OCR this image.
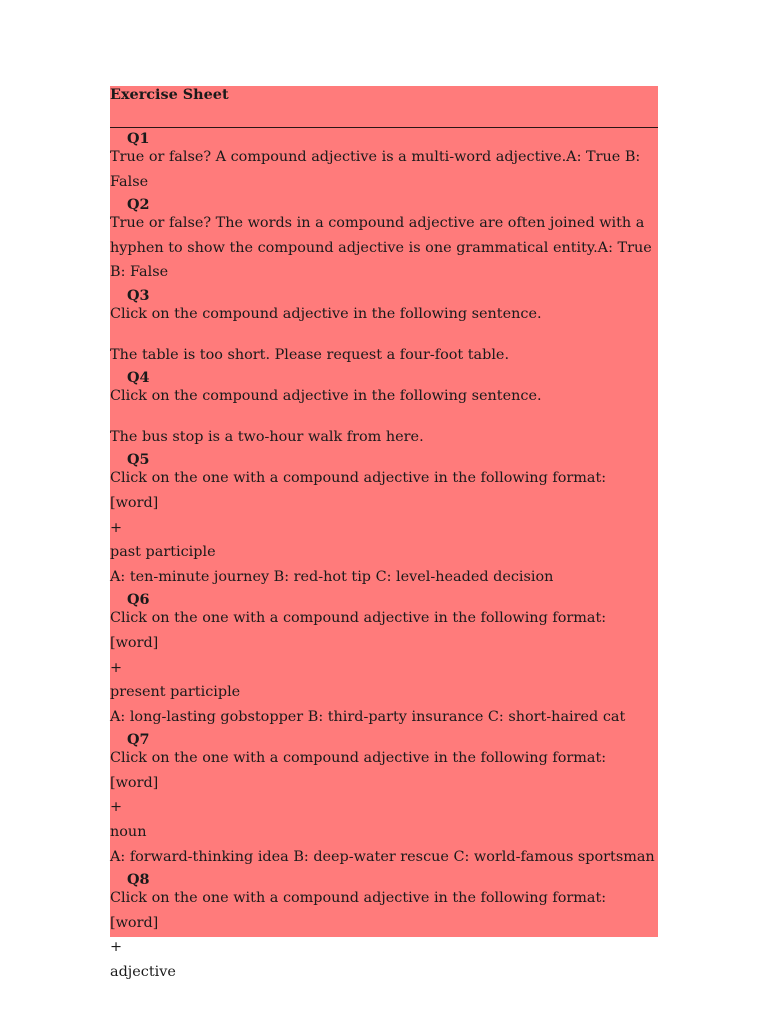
Exercise Sheet
Q1
True or false? A compound adjective is a multi-word adjective.A: True B: False
Q2
True or false? The words in a compound adjective are often joined with a hyphen to show the compound adjective is one grammatical entity.A: True B: False
Q3
Click on the compound adjective in the following sentence.
The table is too short. Please request a four-foot table.
Q4
Click on the compound adjective in the following sentence.
The bus stop is a two-hour walk from here.
Q5
Click on the one with a compound adjective in the following format:
[word]
+
past participle
A: ten-minute journey B: red-hot tip C: level-headed decision
Q6
Click on the one with a compound adjective in the following format:
[word]
+
present participle
A: long-lasting gobstopper B: third-party insurance C: short-haired cat
Q7
Click on the one with a compound adjective in the following format:
[word]
+
noun
A: forward-thinking idea B: deep-water rescue C: world-famous sportsman
Q8
Click on the one with a compound adjective in the following format:
[word]
+
adjective
